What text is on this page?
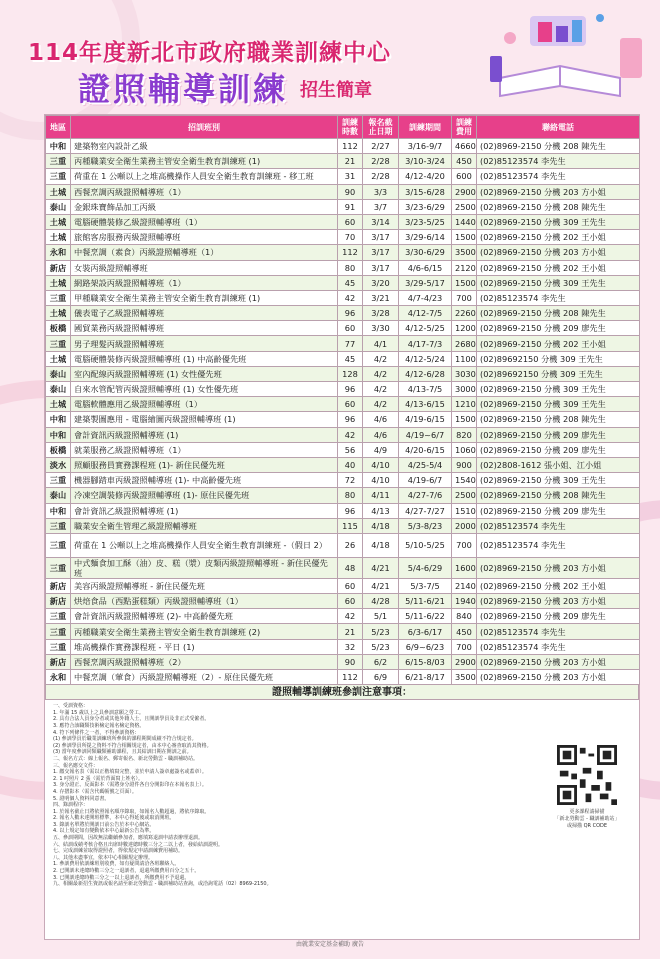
114年度新北市政府職業訓練中心
證照輔導訓練 招生簡章
地區	招訓班別	訓練時數	報名截止日期	訓練期間	訓練費用	聯絡電話
中和	建築物室內設計乙級	112	2/27	3/16-9/7	4660	(02)8969-2150 分機 208 陳先生
三重	丙種職業安全衛生業務主管安全衛生教育訓練班 (1)	21	2/28	3/10-3/24	450	(02)85123574 李先生
三重	荷重在 1 公噸以上之堆高機操作人員安全衛生教育訓練班 - 移工班	31	2/28	4/12-4/20	600	(02)85123574 李先生
土城	西餐烹調丙級證照輔導班（1）	90	3/3	3/15-6/28	2900	(02)8969-2150 分機 203 方小姐
泰山	金銀珠寶飾品加工丙級	91	3/7	3/23-6/29	2500	(02)8969-2150 分機 208 陳先生
土城	電腦硬體裝修乙級證照輔導班（1）	60	3/14	3/23-5/25	1440	(02)8969-2150 分機 309 王先生
土城	旅館客房服務丙級證照輔導班	70	3/17	3/29-6/14	1500	(02)8969-2150 分機 202 王小姐
永和	中餐烹調（素食）丙級證照輔導班（1）	112	3/17	3/30-6/29	3500	(02)8969-2150 分機 203 方小姐
新店	女裝丙級證照輔導班	80	3/17	4/6-6/15	2120	(02)8969-2150 分機 202 王小姐
土城	網路架設丙級證照輔導班（1）	45	3/20	3/29-5/17	1500	(02)8969-2150 分機 309 王先生
三重	甲種職業安全衛生業務主管安全衛生教育訓練班 (1)	42	3/21	4/7-4/23	700	(02)85123574 李先生
土城	儀表電子乙級證照輔導班	96	3/28	4/12-7/5	2260	(02)8969-2150 分機 208 陳先生
板橋	國貿業務丙級證照輔導班	60	3/30	4/12-5/25	1200	(02)8969-2150 分機 209 廖先生
三重	男子理髮丙級證照輔導班	77	4/1	4/17-7/3	2680	(02)8969-2150 分機 202 王小姐
土城	電腦硬體裝修丙級證照輔導班 (1) 中高齡優先班	45	4/2	4/12-5/24	1100	(02)89692150 分機 309 王先生
泰山	室內配線丙級證照輔導班 (1) 女性優先班	128	4/2	4/12-6/28	3030	(02)89692150 分機 309 王先生
泰山	自來水管配管丙級證照輔導班 (1) 女性優先班	96	4/2	4/13-7/5	3000	(02)8969-2150 分機 309 王先生
土城	電腦軟體應用乙級證照輔導班（1）	60	4/2	4/13-6/15	1210	(02)8969-2150 分機 309 王先生
中和	建築製圖應用 - 電腦繪圖丙級證照輔導班 (1)	96	4/6	4/19-6/15	1500	(02)8969-2150 分機 208 陳先生
中和	會計資訊丙級證照輔導班 (1)	42	4/6	4/19~6/7	820	(02)8969-2150 分機 209 廖先生
板橋	就業服務乙級證照輔導班（1）	56	4/9	4/20-6/15	1060	(02)8969-2150 分機 209 廖先生
淡水	照顧服務員實務課程班 (1)- 新住民優先班	40	4/10	4/25-5/4	900	(02)2808-1612 張小姐、江小姐
三重	機器腳踏車丙級證照輔導班 (1)- 中高齡優先班	72	4/10	4/19-6/7	1540	(02)8969-2150 分機 309 王先生
泰山	冷凍空調裝修丙級證照輔導班 (1)- 原住民優先班	80	4/11	4/27-7/6	2500	(02)8969-2150 分機 208 陳先生
中和	會計資訊乙級證照輔導班 (1)	96	4/13	4/27-7/27	1510	(02)8969-2150 分機 209 廖先生
三重	職業安全衛生管理乙級證照輔導班	115	4/18	5/3-8/23	2000	(02)85123574 李先生
三重	荷重在 1 公噸以上之堆高機操作人員安全衛生教育訓練班 -（假日 2）	26	4/18	5/10-5/25	700	(02)85123574 李先生
三重	中式麵食加工酥（油）皮、糕（漿）皮類丙級證照輔導班 - 新住民優先班	48	4/21	5/4-6/29	1600	(02)8969-2150 分機 203 方小姐
新店	美容丙級證照輔導班 - 新住民優先班	60	4/21	5/3-7/5	2140	(02)8969-2150 分機 202 王小姐
新店	烘焙食品（西點蛋糕類）丙級證照輔導班（1）	60	4/28	5/11-6/21	1940	(02)8969-2150 分機 203 方小姐
三重	會計資訊丙級證照輔導班 (2)- 中高齡優先班	42	5/1	5/11-6/22	840	(02)8969-2150 分機 209 廖先生
三重	丙種職業安全衛生業務主管安全衛生教育訓練班 (2)	21	5/23	6/3-6/17	450	(02)85123574 李先生
三重	堆高機操作實務課程班 - 平日 (1)	32	5/23	6/9~6/23	700	(02)85123574 李先生
新店	西餐烹調丙級證照輔導班（2）	90	6/2	6/15-8/03	2900	(02)8969-2150 分機 203 方小姐
永和	中餐烹調（葷食）丙級證照輔導班（2）- 原住民優先班	112	6/9	6/21-8/17	3500	(02)8969-2150 分機 203 方小姐
證照輔導訓練班參訓注意事項：
一、受訓資格：
1. 年滿 15 歲以上之具參訓意願之勞工。
2. 具有合法人員身分者或其他外籍人士，且開訓學員及非正式受僱者。
3. 應符合該職類技術檢定報名檢定資格。
4. 符下列條件之一者，不得參訓資格：
(1) 參訓學員於職業訓練班所參與的課程期間成績不符合規定者。
(2) 參訓學員所提之資料不符合相關規定者，由本中心審查取消其資格。
(3) 當年度參訓同類職類補助課程，且其結訓日期在開訓之前。
二、報名方式：線上報名、郵寄報名、新北勞動雲 - 職訓補助站。
三、報名應交文件：
1. 繳交報名表（需以正楷填寫完整，並於申請人簽章處簽名或蓋章）。
2. 1 吋照片 2 張（需於背面寫上姓名）。
3. 身分證正、反面影本（需將身分證件各自分開影印在本報名表上）。
4. 存摺影本（需含代碼帳號之頁面）。
5. 證明個人資料同意書。
四、錄訓程序：
1. 於報名截止日將依照報名順序錄取，如報名人數超過，將依序錄取。
2. 報名人數未達開班標準，本中心得延後或取消開班。
3. 錄訓名單將於開訓日前公告於本中心網站。
4. 以上規定如有變動依本中心最新公告為準。
五、參訓期間，因故無法繼續參加者，應填寫退訓申請表辦理退訓。
六、結訓成績考核合格且出席時數達總時數三分之二以上者，發給結訓證明。
七、完成訓練並取得證照者，得依規定申請訓練費用補助。
八、其他未盡事宜，依本中心相關規定辦理。
1. 參訓費用依訓練班別收費，如有疑問請洽各班聯絡人。
2. 已開訓未達總時數三分之一退訓者，退還所繳費用百分之五十。
3. 已開訓達總時數三分之一以上退訓者，所繳費用不予退還。
九、相關最新招生資訊或報名請至新北勞動雲 - 職訓補助站查詢，或洽詢電話（02）8969-2150。
更多課程請掃描
「新北勞動雲 - 職訓補助站」
或掃描 QR CODE
由就業安定基金補助 廣告
